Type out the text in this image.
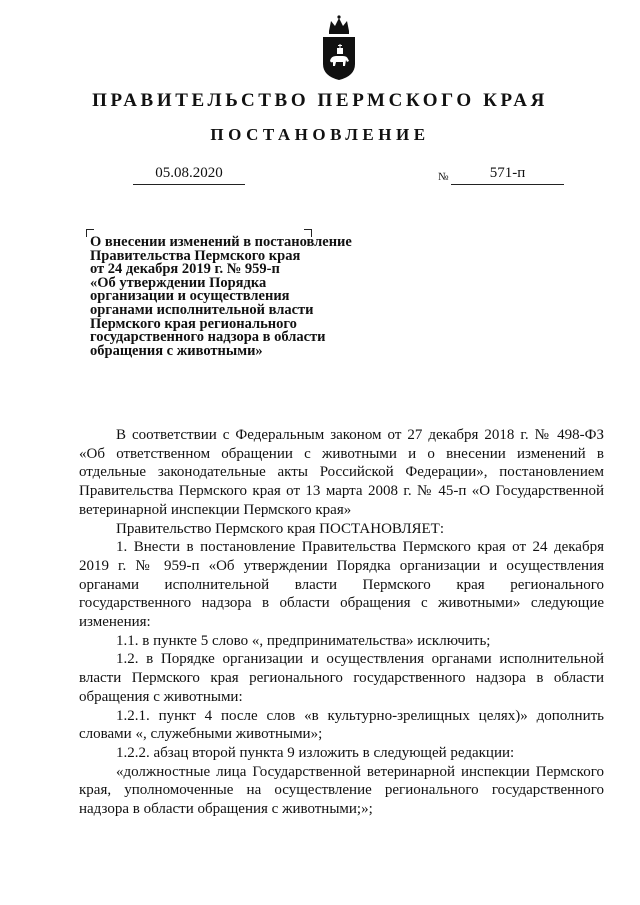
ПРАВИТЕЛЬСТВО ПЕРМСКОГО КРАЯ
ПОСТАНОВЛЕНИЕ
05.08.2020	№	571-п
О внесении изменений в постановление
Правительства Пермского края
от 24 декабря 2019 г. № 959-п
«Об утверждении Порядка
организации и осуществления
органами исполнительной власти
Пермского края регионального
государственного надзора в области
обращения с животными»

В соответствии с Федеральным законом от 27 декабря 2018 г. № 498-ФЗ «Об ответственном обращении с животными и о внесении изменений в отдельные законодательные акты Российской Федерации», постановлением Правительства Пермского края от 13 марта 2008 г. № 45-п «О Государственной ветеринарной инспекции Пермского края»

Правительство Пермского края ПОСТАНОВЛЯЕТ:

1. Внести в постановление Правительства Пермского края от 24 декабря 2019 г. № 959-п «Об утверждении Порядка организации и осуществления органами исполнительной власти Пермского края регионального государственного надзора в области обращения с животными» следующие изменения:

1.1. в пункте 5 слово «, предпринимательства» исключить;

1.2. в Порядке организации и осуществления органами исполнительной власти Пермского края регионального государственного надзора в области обращения с животными:

1.2.1. пункт 4 после слов «в культурно-зрелищных целях)» дополнить словами «, служебными животными»;

1.2.2. абзац второй пункта 9 изложить в следующей редакции:

«должностные лица Государственной ветеринарной инспекции Пермского края, уполномоченные на осуществление регионального государственного надзора в области обращения с животными;»;
